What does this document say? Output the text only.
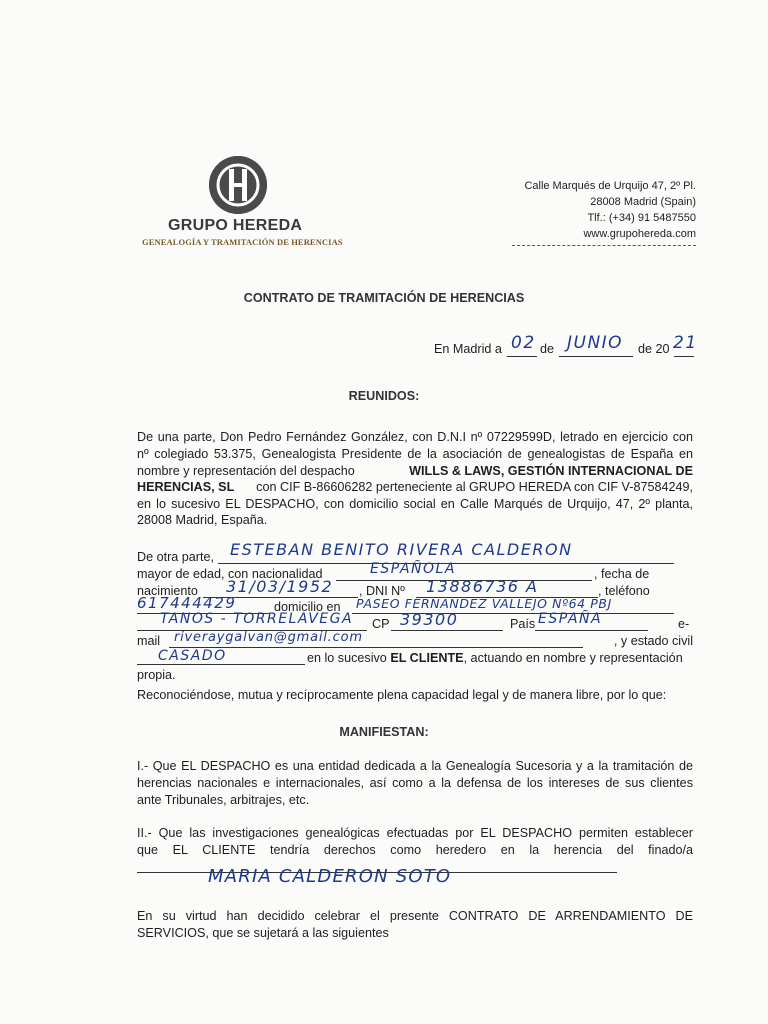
GRUPO HEREDA
GENEALOGÍA Y TRAMITACIÓN DE HERENCIAS
Calle Marqués de Urquijo 47, 2º Pl.
28008 Madrid (Spain)
Tlf.: (+34) 91 5487550
www.grupohereda.com
CONTRATO DE TRAMITACIÓN DE HERENCIAS
En Madrid a 02 de JUNIO de 20 21
REUNIDOS:
De una parte, Don Pedro Fernández González, con D.N.I nº 07229599D, letrado en ejercicio con
nº colegiado 53.375, Genealogista Presidente de la asociación de genealogistas de España en
nombre y representación del despacho	WILLS & LAWS, GESTIÓN INTERNACIONAL DE
HERENCIAS, SL con CIF B-86606282 perteneciente al GRUPO HEREDA con CIF V-87584249,
en lo sucesivo EL DESPACHO, con domicilio social en Calle Marqués de Urquijo, 47, 2º planta,
28008 Madrid, España.
De otra parte, ESTEBAN BENITO RIVERA CALDERON
mayor de edad, con nacionalidad	ESPAÑOLA	, fecha de
nacimiento 31/03/1952 , DNI Nº 13886736 A	, teléfono
617444429	domicilio en PASEO FERNANDEZ VALLEJO Nº64 PBJ
TANOS - TORRELAVEGA CP 39300	País ESPAÑA	e-
mail riveraygalvan@gmail.com	, y estado civil
CASADO	en lo sucesivo EL CLIENTE, actuando en nombre y representación
propia.
Reconociéndose, mutua y recíprocamente plena capacidad legal y de manera libre, por lo que:
MANIFIESTAN:
I.- Que EL DESPACHO es una entidad dedicada a la Genealogía Sucesoria y a la tramitación de
herencias nacionales e internacionales, así como a la defensa de los intereses de sus clientes
ante Tribunales, arbitrajes, etc.
II.- Que las investigaciones genealógicas efectuadas por EL DESPACHO permiten establecer
que EL CLIENTE tendría derechos como heredero en la herencia del finado/a
MARIA CALDERON SOTO
En su virtud han decidido celebrar el presente CONTRATO DE ARRENDAMIENTO DE
SERVICIOS, que se sujetará a las siguientes
